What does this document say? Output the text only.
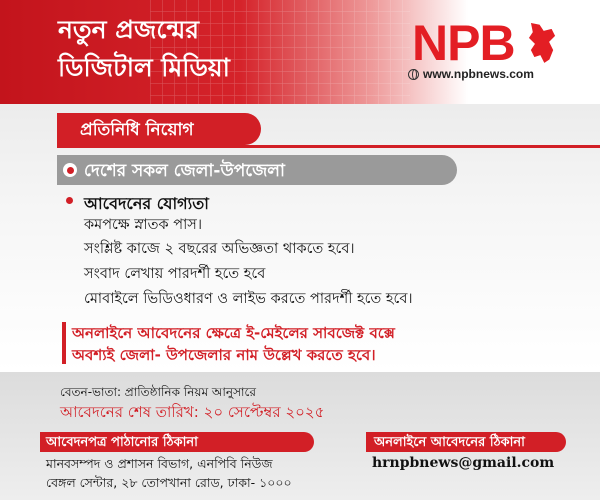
নতুন প্রজন্মের
ডিজিটাল মিডিয়া	NPB
www.npbnews.com
প্রতিনিধি নিয়োগ
দেশের সকল জেলা-উপজেলা
আবেদনের যোগ্যতা
কমপক্ষে স্নাতক পাস।
সংশ্লিষ্ট কাজে ২ বছরের অভিজ্ঞতা থাকতে হবে।
সংবাদ লেখায় পারদর্শী হতে হবে
মোবাইলে ভিডিওধারণ ও লাইভ করতে পারদর্শী হতে হবে।
অনলাইনে আবেদনের ক্ষেত্রে ই-মেইলের সাবজেক্ট বক্সে
অবশ্যই জেলা- উপজেলার নাম উল্লেখ করতে হবে।
বেতন-ভাতা: প্রাতিষ্ঠানিক নিয়ম আনুসারে
আবেদনের শেষ তারিখ: ২০ সেপ্টেম্বর ২০২৫
আবেদনপত্র পাঠানোর ঠিকানা
মানবসম্পদ ও প্রশাসন বিভাগ, এনপিবি নিউজ
বেঙ্গল সেন্টার, ২৮ তোপখানা রোড, ঢাকা- ১০০০
অনলাইনে আবেদনের ঠিকানা
hrnpbnews@gmail.com
